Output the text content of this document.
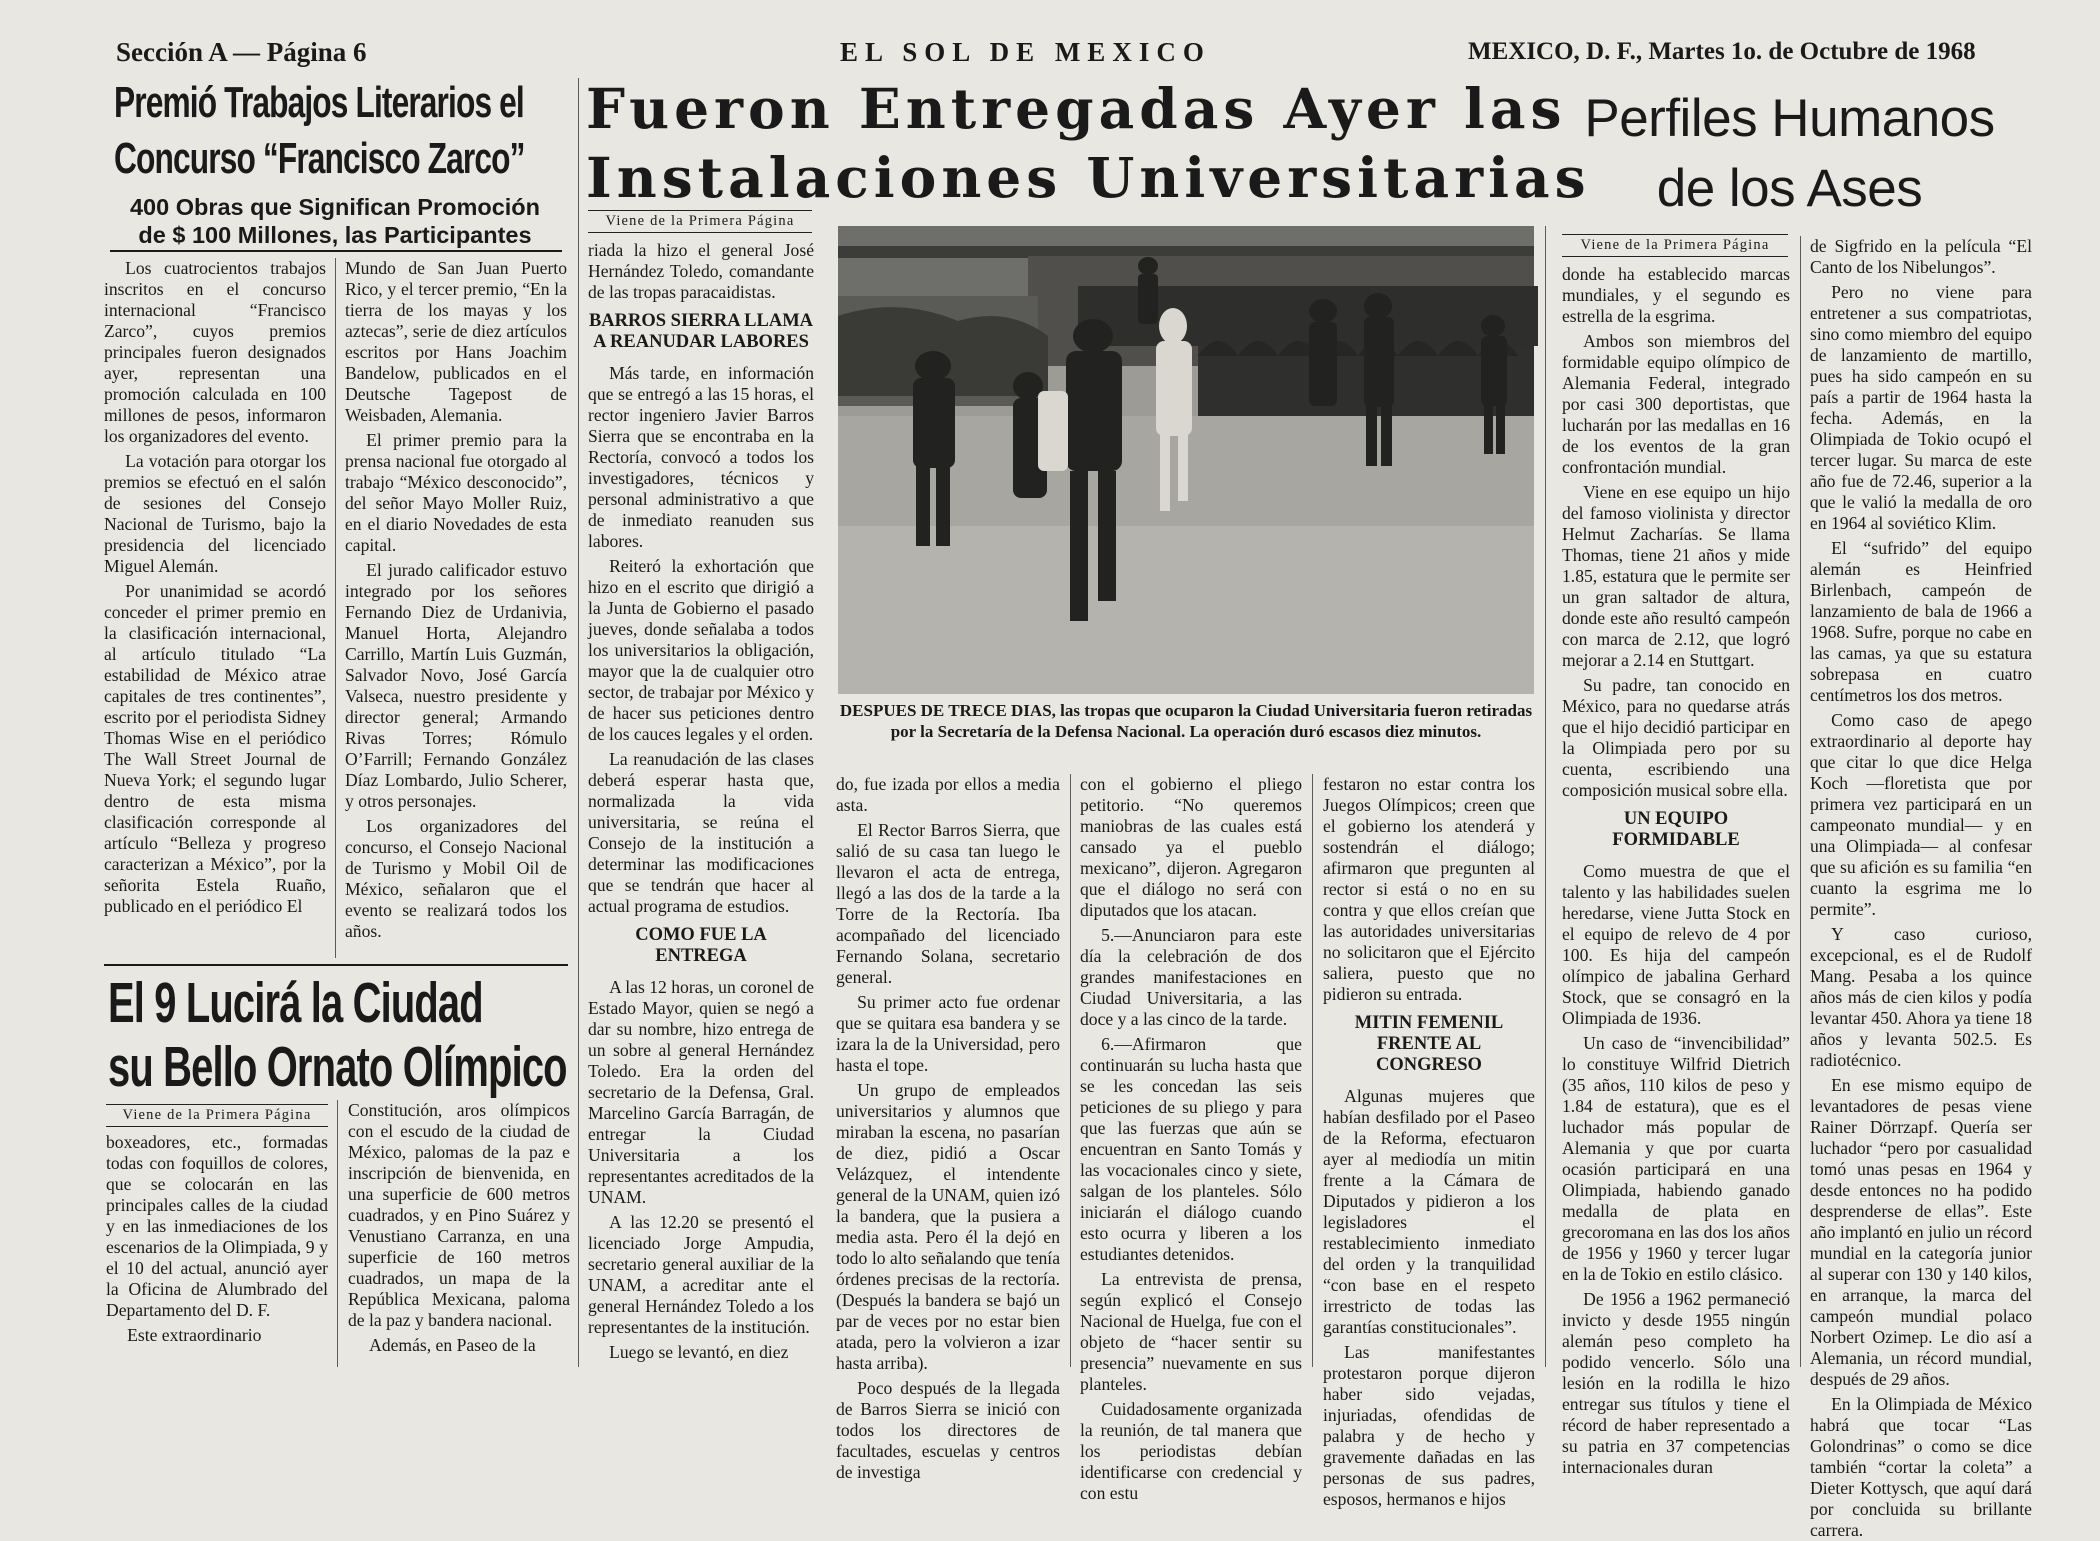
Sección A — Página 6	EL SOL DE MEXICO	MEXICO, D. F., Martes 1o. de Octubre de 1968
Premió Trabajos Literarios el
Concurso “Francisco Zarco”
400 Obras que Significan Promoción
de $ 100 Millones, las Participantes

Los cuatrocientos trabajos inscritos en el concurso internacional “Francisco Zarco”, cuyos premios principales fueron designados ayer, representan una promoción calculada en 100 millones de pesos, informaron los organizadores del evento.

La votación para otorgar los premios se efectuó en el salón de sesiones del Consejo Nacional de Turismo, bajo la presidencia del licenciado Miguel Alemán.

Por unanimidad se acordó conceder el primer premio en la clasificación internacional, al artículo titulado “La estabilidad de México atrae capitales de tres continentes”, escrito por el periodista Sidney Thomas Wise en el periódico The Wall Street Journal de Nueva York; el segundo lugar dentro de esta misma clasificación corresponde al artículo “Belleza y progreso caracterizan a México”, por la señorita Estela Ruaño, publicado en el periódico El

Mundo de San Juan Puerto Rico, y el tercer premio, “En la tierra de los mayas y los aztecas”, serie de diez artículos escritos por Hans Joachim Bandelow, publicados en el Deutsche Tagepost de Weisbaden, Alemania.

El primer premio para la prensa nacional fue otorgado al trabajo “México desconocido”, del señor Mayo Moller Ruiz, en el diario Novedades de esta capital.

El jurado calificador estuvo integrado por los señores Fernando Diez de Urdanivia, Manuel Horta, Alejandro Carrillo, Martín Luis Guzmán, Salvador Novo, José García Valseca, nuestro presidente y director general; Armando Rivas Torres; Rómulo O’Farrill; Fernando González Díaz Lombardo, Julio Scherer, y otros personajes.

Los organizadores del concurso, el Consejo Nacional de Turismo y Mobil Oil de México, señalaron que el evento se realizará todos los años.

El 9 Lucirá la Ciudad
su Bello Ornato Olímpico
Viene de la Primera Página

boxeadores, etc., formadas todas con foquillos de colores, que se colocarán en las principales calles de la ciudad y en las inmediaciones de los escenarios de la Olimpiada, 9 y el 10 del actual, anunció ayer la Oficina de Alumbrado del Departamento del D. F.

Este extraordinario

Constitución, aros olímpicos con el escudo de la ciudad de México, palomas de la paz e inscripción de bienvenida, en una superficie de 600 metros cuadrados, y en Pino Suárez y Venustiano Carranza, en una superficie de 160 metros cuadrados, un mapa de la República Mexicana, paloma de la paz y bandera nacional.

Además, en Paseo de la

Fueron Entregadas Ayer las
Instalaciones Universitarias
Viene de la Primera Página

riada la hizo el general José Hernández Toledo, comandante de las tropas paracaidistas.

BARROS SIERRA LLAMA A REANUDAR LABORES

Más tarde, en información que se entregó a las 15 horas, el rector ingeniero Javier Barros Sierra que se encontraba en la Rectoría, convocó a todos los investigadores, técnicos y personal administrativo a que de inmediato reanuden sus labores.

Reiteró la exhortación que hizo en el escrito que dirigió a la Junta de Gobierno el pasado jueves, donde señalaba a todos los universitarios la obligación, mayor que la de cualquier otro sector, de trabajar por México y de hacer sus peticiones dentro de los cauces legales y el orden.

La reanudación de las clases deberá esperar hasta que, normalizada la vida universitaria, se reúna el Consejo de la institución a determinar las modificaciones que se tendrán que hacer al actual programa de estudios.

COMO FUE LA ENTREGA

A las 12 horas, un coronel de Estado Mayor, quien se negó a dar su nombre, hizo entrega de un sobre al general Hernández Toledo. Era la orden del secretario de la Defensa, Gral. Marcelino García Barragán, de entregar la Ciudad Universitaria a los representantes acreditados de la UNAM.

A las 12.20 se presentó el licenciado Jorge Ampudia, secretario general auxiliar de la UNAM, a acreditar ante el general Hernández Toledo a los representantes de la institución.

Luego se levantó, en diez

DESPUES DE TRECE DIAS, las tropas que ocuparon la Ciudad Universitaria fueron retiradas por la Secretaría de la Defensa Nacional. La operación duró escasos diez minutos.

do, fue izada por ellos a media asta.

El Rector Barros Sierra, que salió de su casa tan luego le llevaron el acta de entrega, llegó a las dos de la tarde a la Torre de la Rectoría. Iba acompañado del licenciado Fernando Solana, secretario general.

Su primer acto fue ordenar que se quitara esa bandera y se izara la de la Universidad, pero hasta el tope.

Un grupo de empleados universitarios y alumnos que miraban la escena, no pasarían de diez, pidió a Oscar Velázquez, el intendente general de la UNAM, quien izó la bandera, que la pusiera a media asta. Pero él la dejó en todo lo alto señalando que tenía órdenes precisas de la rectoría. (Después la bandera se bajó un par de veces por no estar bien atada, pero la volvieron a izar hasta arriba).

Poco después de la llegada de Barros Sierra se inició con todos los directores de facultades, escuelas y centros de investiga

con el gobierno el pliego petitorio. “No queremos maniobras de las cuales está cansado ya el pueblo mexicano”, dijeron. Agregaron que el diálogo no será con diputados que los atacan.

5.—Anunciaron para este día la celebración de dos grandes manifestaciones en Ciudad Universitaria, a las doce y a las cinco de la tarde.

6.—Afirmaron que continuarán su lucha hasta que se les concedan las seis peticiones de su pliego y para que las fuerzas que aún se encuentran en Santo Tomás y las vocacionales cinco y siete, salgan de los planteles. Sólo iniciarán el diálogo cuando esto ocurra y liberen a los estudiantes detenidos.

La entrevista de prensa, según explicó el Consejo Nacional de Huelga, fue con el objeto de “hacer sentir su presencia” nuevamente en sus planteles.

Cuidadosamente organizada la reunión, de tal manera que los periodistas debían identificarse con credencial y con estu

festaron no estar contra los Juegos Olímpicos; creen que el gobierno los atenderá y sostendrán el diálogo; afirmaron que pregunten al rector si está o no en su contra y que ellos creían que las autoridades universitarias no solicitaron que el Ejército saliera, puesto que no pidieron su entrada.

MITIN FEMENIL FRENTE AL CONGRESO

Algunas mujeres que habían desfilado por el Paseo de la Reforma, efectuaron ayer al mediodía un mitin frente a la Cámara de Diputados y pidieron a los legisladores el restablecimiento inmediato del orden y la tranquilidad “con base en el respeto irrestricto de todas las garantías constitucionales”.

Las manifestantes protestaron porque dijeron haber sido vejadas, injuriadas, ofendidas de palabra y de hecho y gravemente dañadas en las personas de sus padres, esposos, hermanos e hijos

Perfiles Humanos
de los Ases
Viene de la Primera Página

donde ha establecido marcas mundiales, y el segundo es estrella de la esgrima.

Ambos son miembros del formidable equipo olímpico de Alemania Federal, integrado por casi 300 deportistas, que lucharán por las medallas en 16 de los eventos de la gran confrontación mundial.

Viene en ese equipo un hijo del famoso violinista y director Helmut Zacharías. Se llama Thomas, tiene 21 años y mide 1.85, estatura que le permite ser un gran saltador de altura, donde este año resultó campeón con marca de 2.12, que logró mejorar a 2.14 en Stuttgart.

Su padre, tan conocido en México, para no quedarse atrás que el hijo decidió participar en la Olimpiada pero por su cuenta, escribiendo una composición musical sobre ella.

UN EQUIPO FORMIDABLE

Como muestra de que el talento y las habilidades suelen heredarse, viene Jutta Stock en el equipo de relevo de 4 por 100. Es hija del campeón olímpico de jabalina Gerhard Stock, que se consagró en la Olimpiada de 1936.

Un caso de “invencibilidad” lo constituye Wilfrid Dietrich (35 años, 110 kilos de peso y 1.84 de estatura), que es el luchador más popular de Alemania y que por cuarta ocasión participará en una Olimpiada, habiendo ganado medalla de plata en grecoromana en las dos los años de 1956 y 1960 y tercer lugar en la de Tokio en estilo clásico.

De 1956 a 1962 permaneció invicto y desde 1955 ningún alemán peso completo ha podido vencerlo. Sólo una lesión en la rodilla le hizo entregar sus títulos y tiene el récord de haber representado a su patria en 37 competencias internacionales duran

de Sigfrido en la película “El Canto de los Nibelungos”.

Pero no viene para entretener a sus compatriotas, sino como miembro del equipo de lanzamiento de martillo, pues ha sido campeón en su país a partir de 1964 hasta la fecha. Además, en la Olimpiada de Tokio ocupó el tercer lugar. Su marca de este año fue de 72.46, superior a la que le valió la medalla de oro en 1964 al soviético Klim.

El “sufrido” del equipo alemán es Heinfried Birlenbach, campeón de lanzamiento de bala de 1966 a 1968. Sufre, porque no cabe en las camas, ya que su estatura sobrepasa en cuatro centímetros los dos metros.

Como caso de apego extraordinario al deporte hay que citar lo que dice Helga Koch —floretista que por primera vez participará en un campeonato mundial— y en una Olimpiada— al confesar que su afición es su familia “en cuanto la esgrima me lo permite”.

Y caso curioso, excepcional, es el de Rudolf Mang. Pesaba a los quince años más de cien kilos y podía levantar 450. Ahora ya tiene 18 años y levanta 502.5. Es radiotécnico.

En ese mismo equipo de levantadores de pesas viene Rainer Dörrzapf. Quería ser luchador “pero por casualidad tomó unas pesas en 1964 y desde entonces no ha podido desprenderse de ellas”. Este año implantó en julio un récord mundial en la categoría junior al superar con 130 y 140 kilos, en arranque, la marca del campeón mundial polaco Norbert Ozimep. Le dio así a Alemania, un récord mundial, después de 29 años.

En la Olimpiada de México habrá que tocar “Las Golondrinas” o como se dice también “cortar la coleta” a Dieter Kottysch, que aquí dará por concluida su brillante carrera.
